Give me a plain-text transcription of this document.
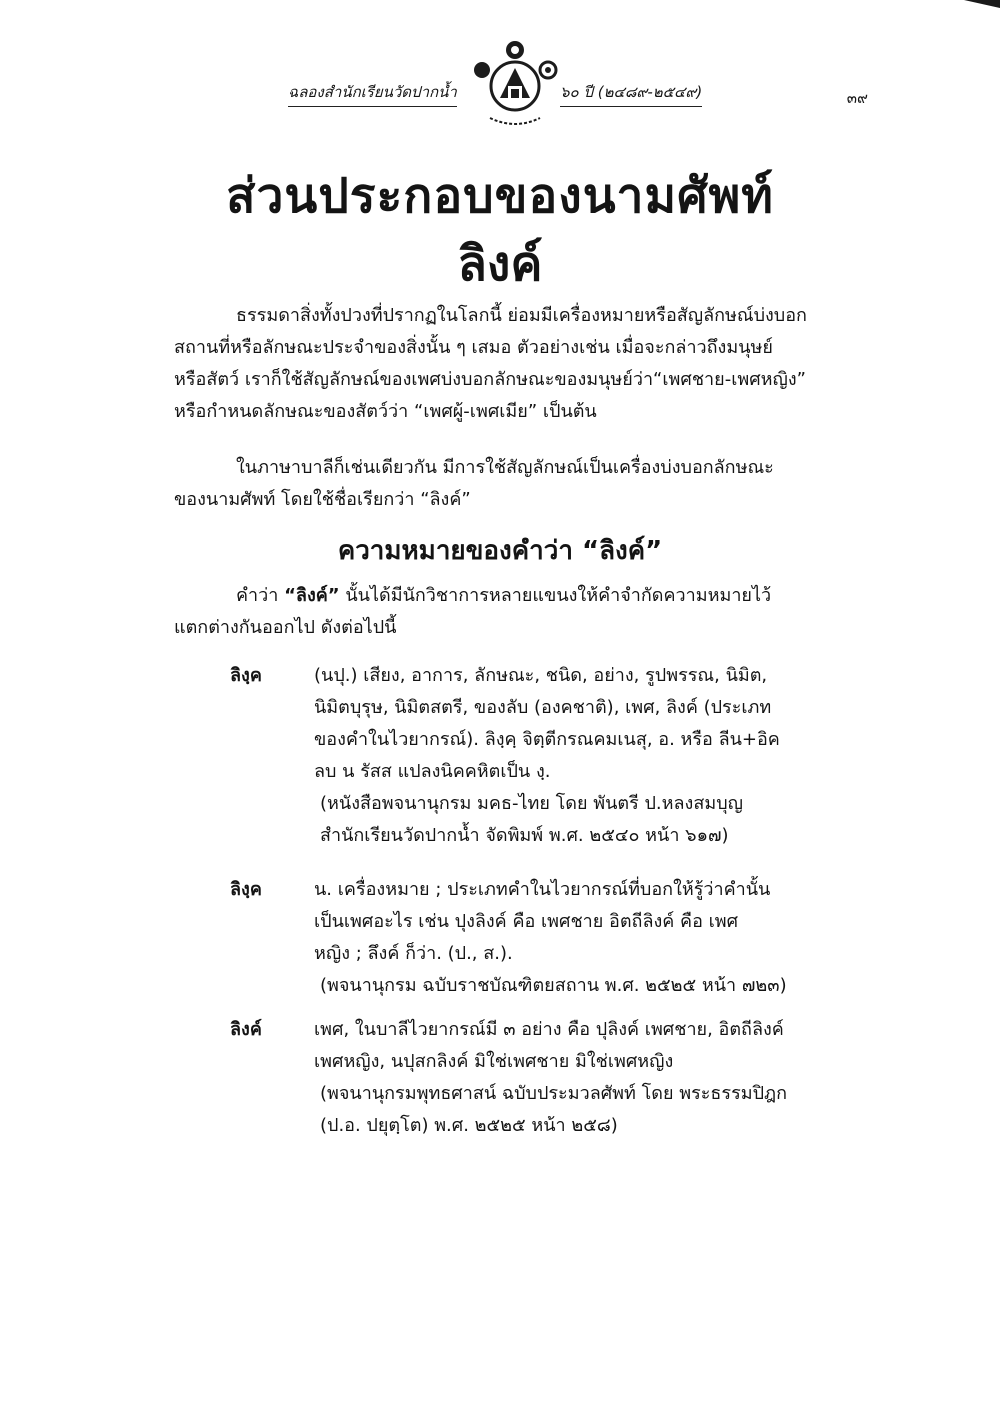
ฉลองสำนักเรียนวัดปากน้ำ	๖๐ ปี (๒๔๘๙-๒๕๔๙)	๓๙
ส่วนประกอบของนามศัพท์
ลิงค์
ธรรมดาสิ่งทั้งปวงที่ปรากฏในโลกนี้ ย่อมมีเครื่องหมายหรือสัญลักษณ์บ่งบอก
สถานที่หรือลักษณะประจำของสิ่งนั้น ๆ เสมอ ตัวอย่างเช่น เมื่อจะกล่าวถึงมนุษย์
หรือสัตว์ เราก็ใช้สัญลักษณ์ของเพศบ่งบอกลักษณะของมนุษย์ว่า“เพศชาย-เพศหญิง”
หรือกำหนดลักษณะของสัตว์ว่า “เพศผู้-เพศเมีย” เป็นต้น
ในภาษาบาลีก็เช่นเดียวกัน มีการใช้สัญลักษณ์เป็นเครื่องบ่งบอกลักษณะ
ของนามศัพท์ โดยใช้ชื่อเรียกว่า “ลิงค์”
ความหมายของคำว่า “ลิงค์”
คำว่า “ลิงค์” นั้นได้มีนักวิชาการหลายแขนงให้คำจำกัดความหมายไว้
แตกต่างกันออกไป ดังต่อไปนี้
ลิงฺค	(นปุ.) เสียง, อาการ, ลักษณะ, ชนิด, อย่าง, รูปพรรณ, นิมิต,
นิมิตบุรุษ, นิมิตสตรี, ของลับ (องคชาติ), เพศ, ลิงค์ (ประเภท
ของคำในไวยากรณ์). ลิงฺคฺ จิตฺตีกรณคมเนสุ, อ. หรือ ลีน+อิค
ลบ น รัสส แปลงนิคคหิตเป็น งฺ.
(หนังสือพจนานุกรม มคธ-ไทย โดย พันตรี ป.หลงสมบุญ
สำนักเรียนวัดปากน้ำ จัดพิมพ์ พ.ศ. ๒๕๔๐ หน้า ๖๑๗)
ลิงฺค	น. เครื่องหมาย ; ประเภทคำในไวยากรณ์ที่บอกให้รู้ว่าคำนั้น
เป็นเพศอะไร เช่น ปุงลิงค์ คือ เพศชาย อิตถีลิงค์ คือ เพศ
หญิง ; ลึงค์ ก็ว่า. (ป., ส.).
(พจนานุกรม ฉบับราชบัณฑิตยสถาน พ.ศ. ๒๕๒๕ หน้า ๗๒๓)
ลิงค์	เพศ, ในบาลีไวยากรณ์มี ๓ อย่าง คือ ปุลิงค์ เพศชาย, อิตถีลิงค์
เพศหญิง, นปุสกลิงค์ มิใช่เพศชาย มิใช่เพศหญิง
(พจนานุกรมพุทธศาสน์ ฉบับประมวลศัพท์ โดย พระธรรมปิฎก
(ป.อ. ปยุตฺโต) พ.ศ. ๒๕๒๕ หน้า ๒๕๘)
